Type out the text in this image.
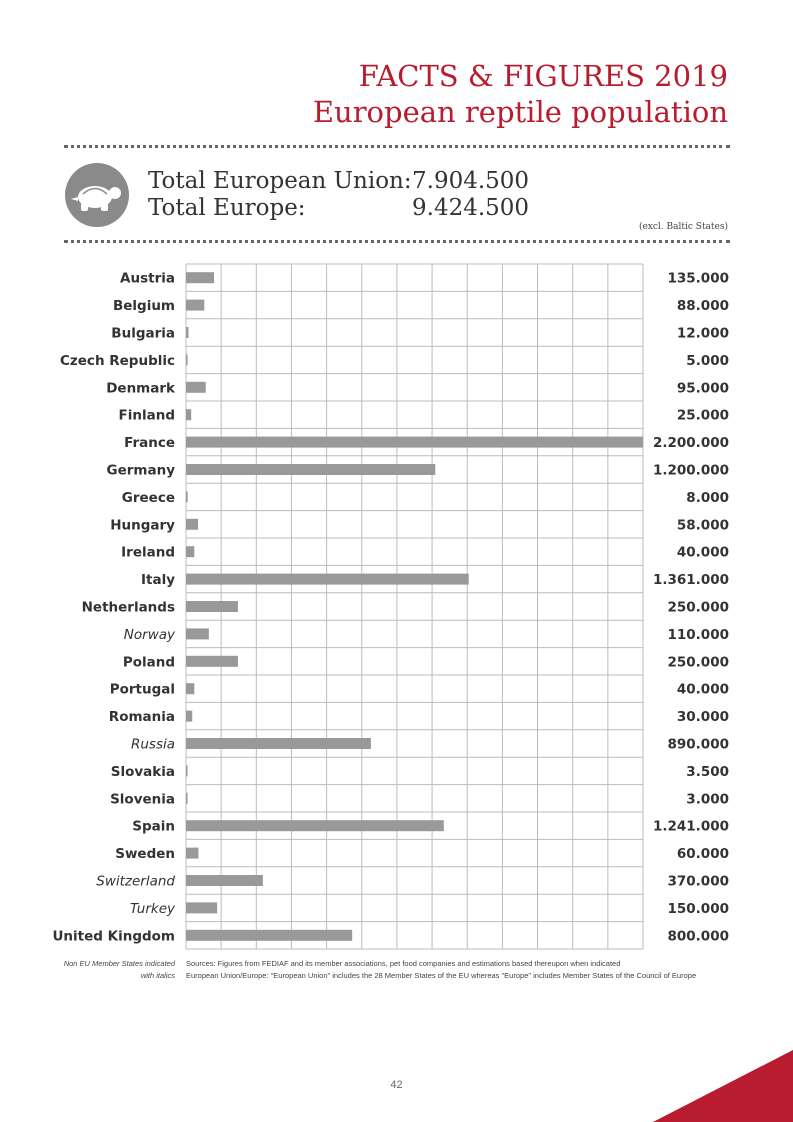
FACTS & FIGURES 2019
European reptile population
Total European Union: 7.904.500
Total Europe:	9.424.500
(excl. Baltic States)
Austria	135.000
Belgium	88.000
Bulgaria	12.000
Czech Republic	5.000
Denmark	95.000
Finland	25.000
France	2.200.000
Germany	1.200.000
Greece	8.000
Hungary	58.000
Ireland	40.000
Italy	1.361.000
Netherlands	250.000
Norway	110.000
Poland	250.000
Portugal	40.000
Romania	30.000
Russia	890.000
Slovakia	3.500
Slovenia	3.000
Spain	1.241.000
Sweden	60.000
Switzerland	370.000
Turkey	150.000
United Kingdom	800.000
Non EU Member States indicated
with italics
Sources: Figures from FEDIAF and its member associations, pet food companies and estimations based thereupon when indicated
European Union/Europe: "European Union" includes the 28 Member States of the EU whereas "Europe" includes Member States of the Council of Europe
42
